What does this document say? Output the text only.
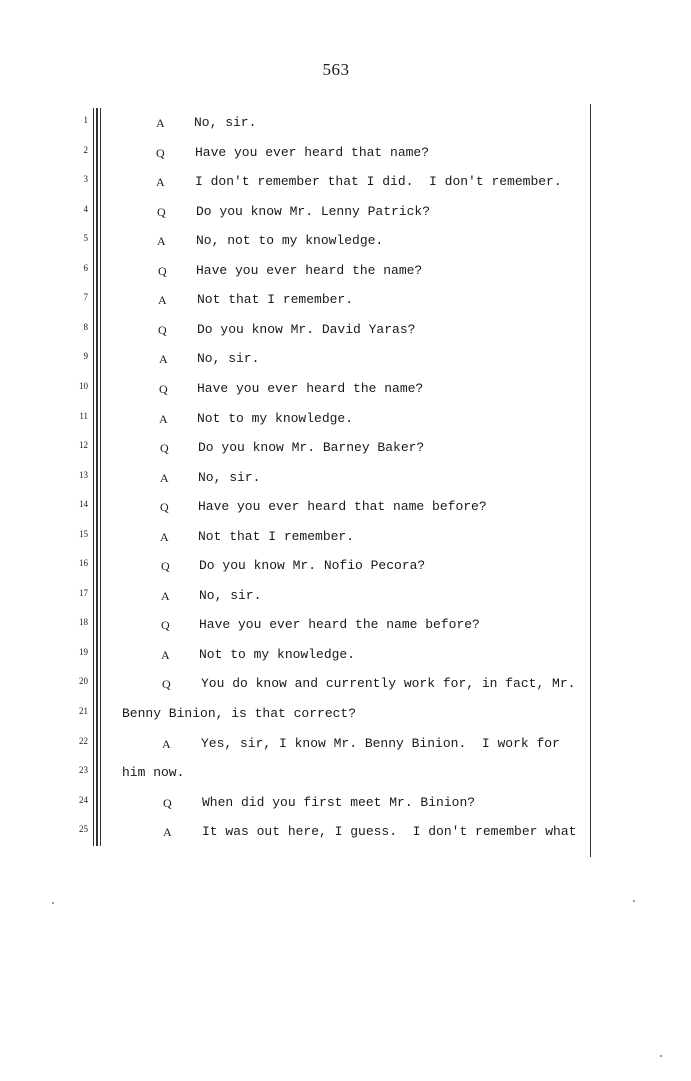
563
1	A No, sir.
2	Q Have you ever heard that name?
3	A I don't remember that I did.  I don't remember.
4	Q Do you know Mr. Lenny Patrick?
5	A No, not to my knowledge.
6	Q Have you ever heard the name?
7	A Not that I remember.
8	Q Do you know Mr. David Yaras?
9	A No, sir.
10	Q Have you ever heard the name?
11	A Not to my knowledge.
12	Q Do you know Mr. Barney Baker?
13	A No, sir.
14	Q Have you ever heard that name before?
15	A Not that I remember.
16	Q Do you know Mr. Nofio Pecora?
17	A No, sir.
18	Q Have you ever heard the name before?
19	A Not to my knowledge.
20	Q You do know and currently work for, in fact, Mr.
21	Benny Binion, is that correct?
22	A Yes, sir, I know Mr. Benny Binion.  I work for
23	him now.
24	Q When did you first meet Mr. Binion?
25	A It was out here, I guess.  I don't remember what
